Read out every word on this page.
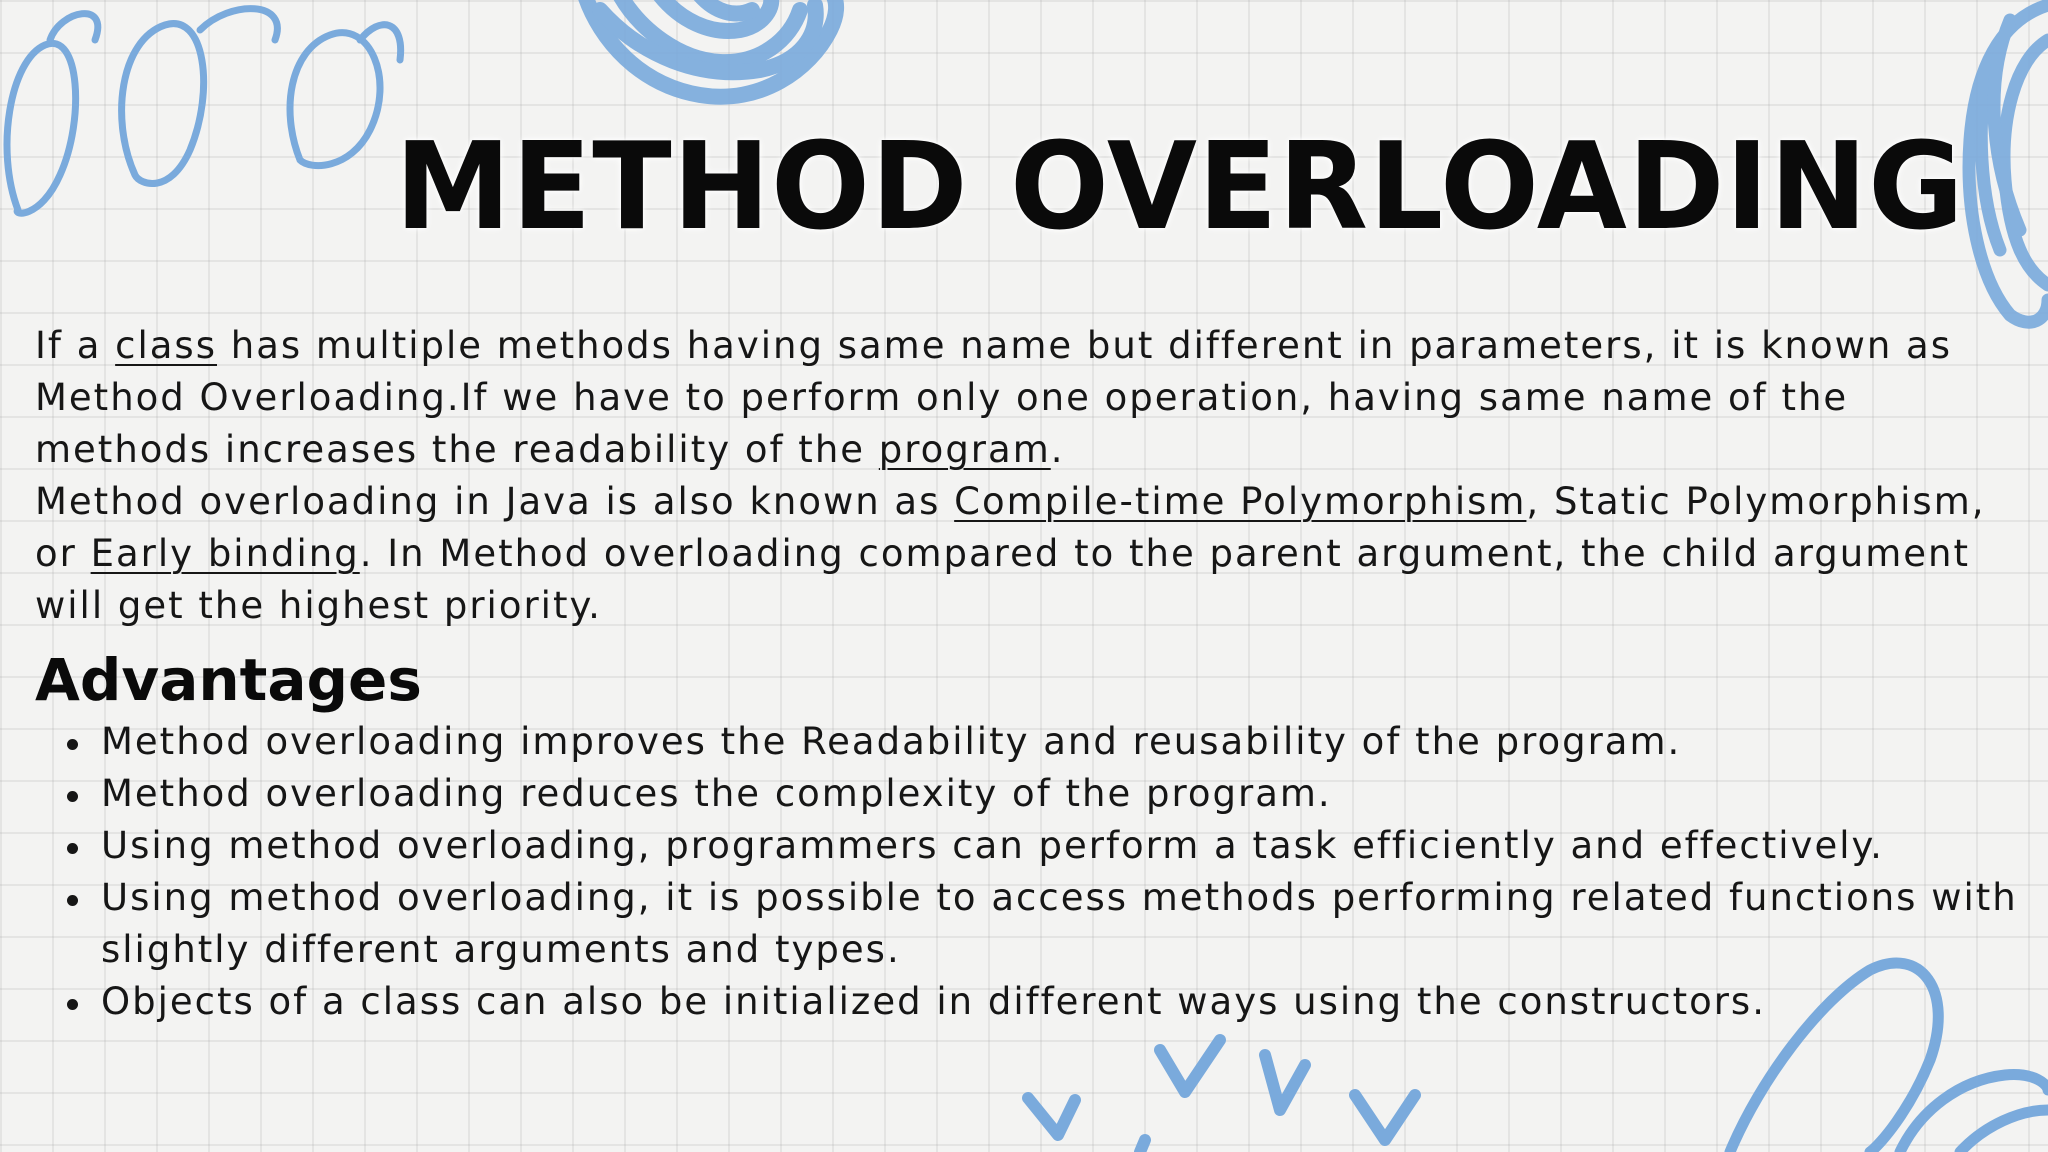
METHOD OVERLOADING

If a class has multiple methods having same name but different in parameters, it is known as Method Overloading.If we have to perform only one operation, having same name of the methods increases the readability of the program.
Method overloading in Java is also known as Compile-time Polymorphism, Static Polymorphism, or Early binding. In Method overloading compared to the parent argument, the child argument will get the highest priority.

Advantages
Method overloading improves the Readability and reusability of the program.
Method overloading reduces the complexity of the program.
Using method overloading, programmers can perform a task efficiently and effectively.
Using method overloading, it is possible to access methods performing related functions with slightly different arguments and types.
Objects of a class can also be initialized in different ways using the constructors.
